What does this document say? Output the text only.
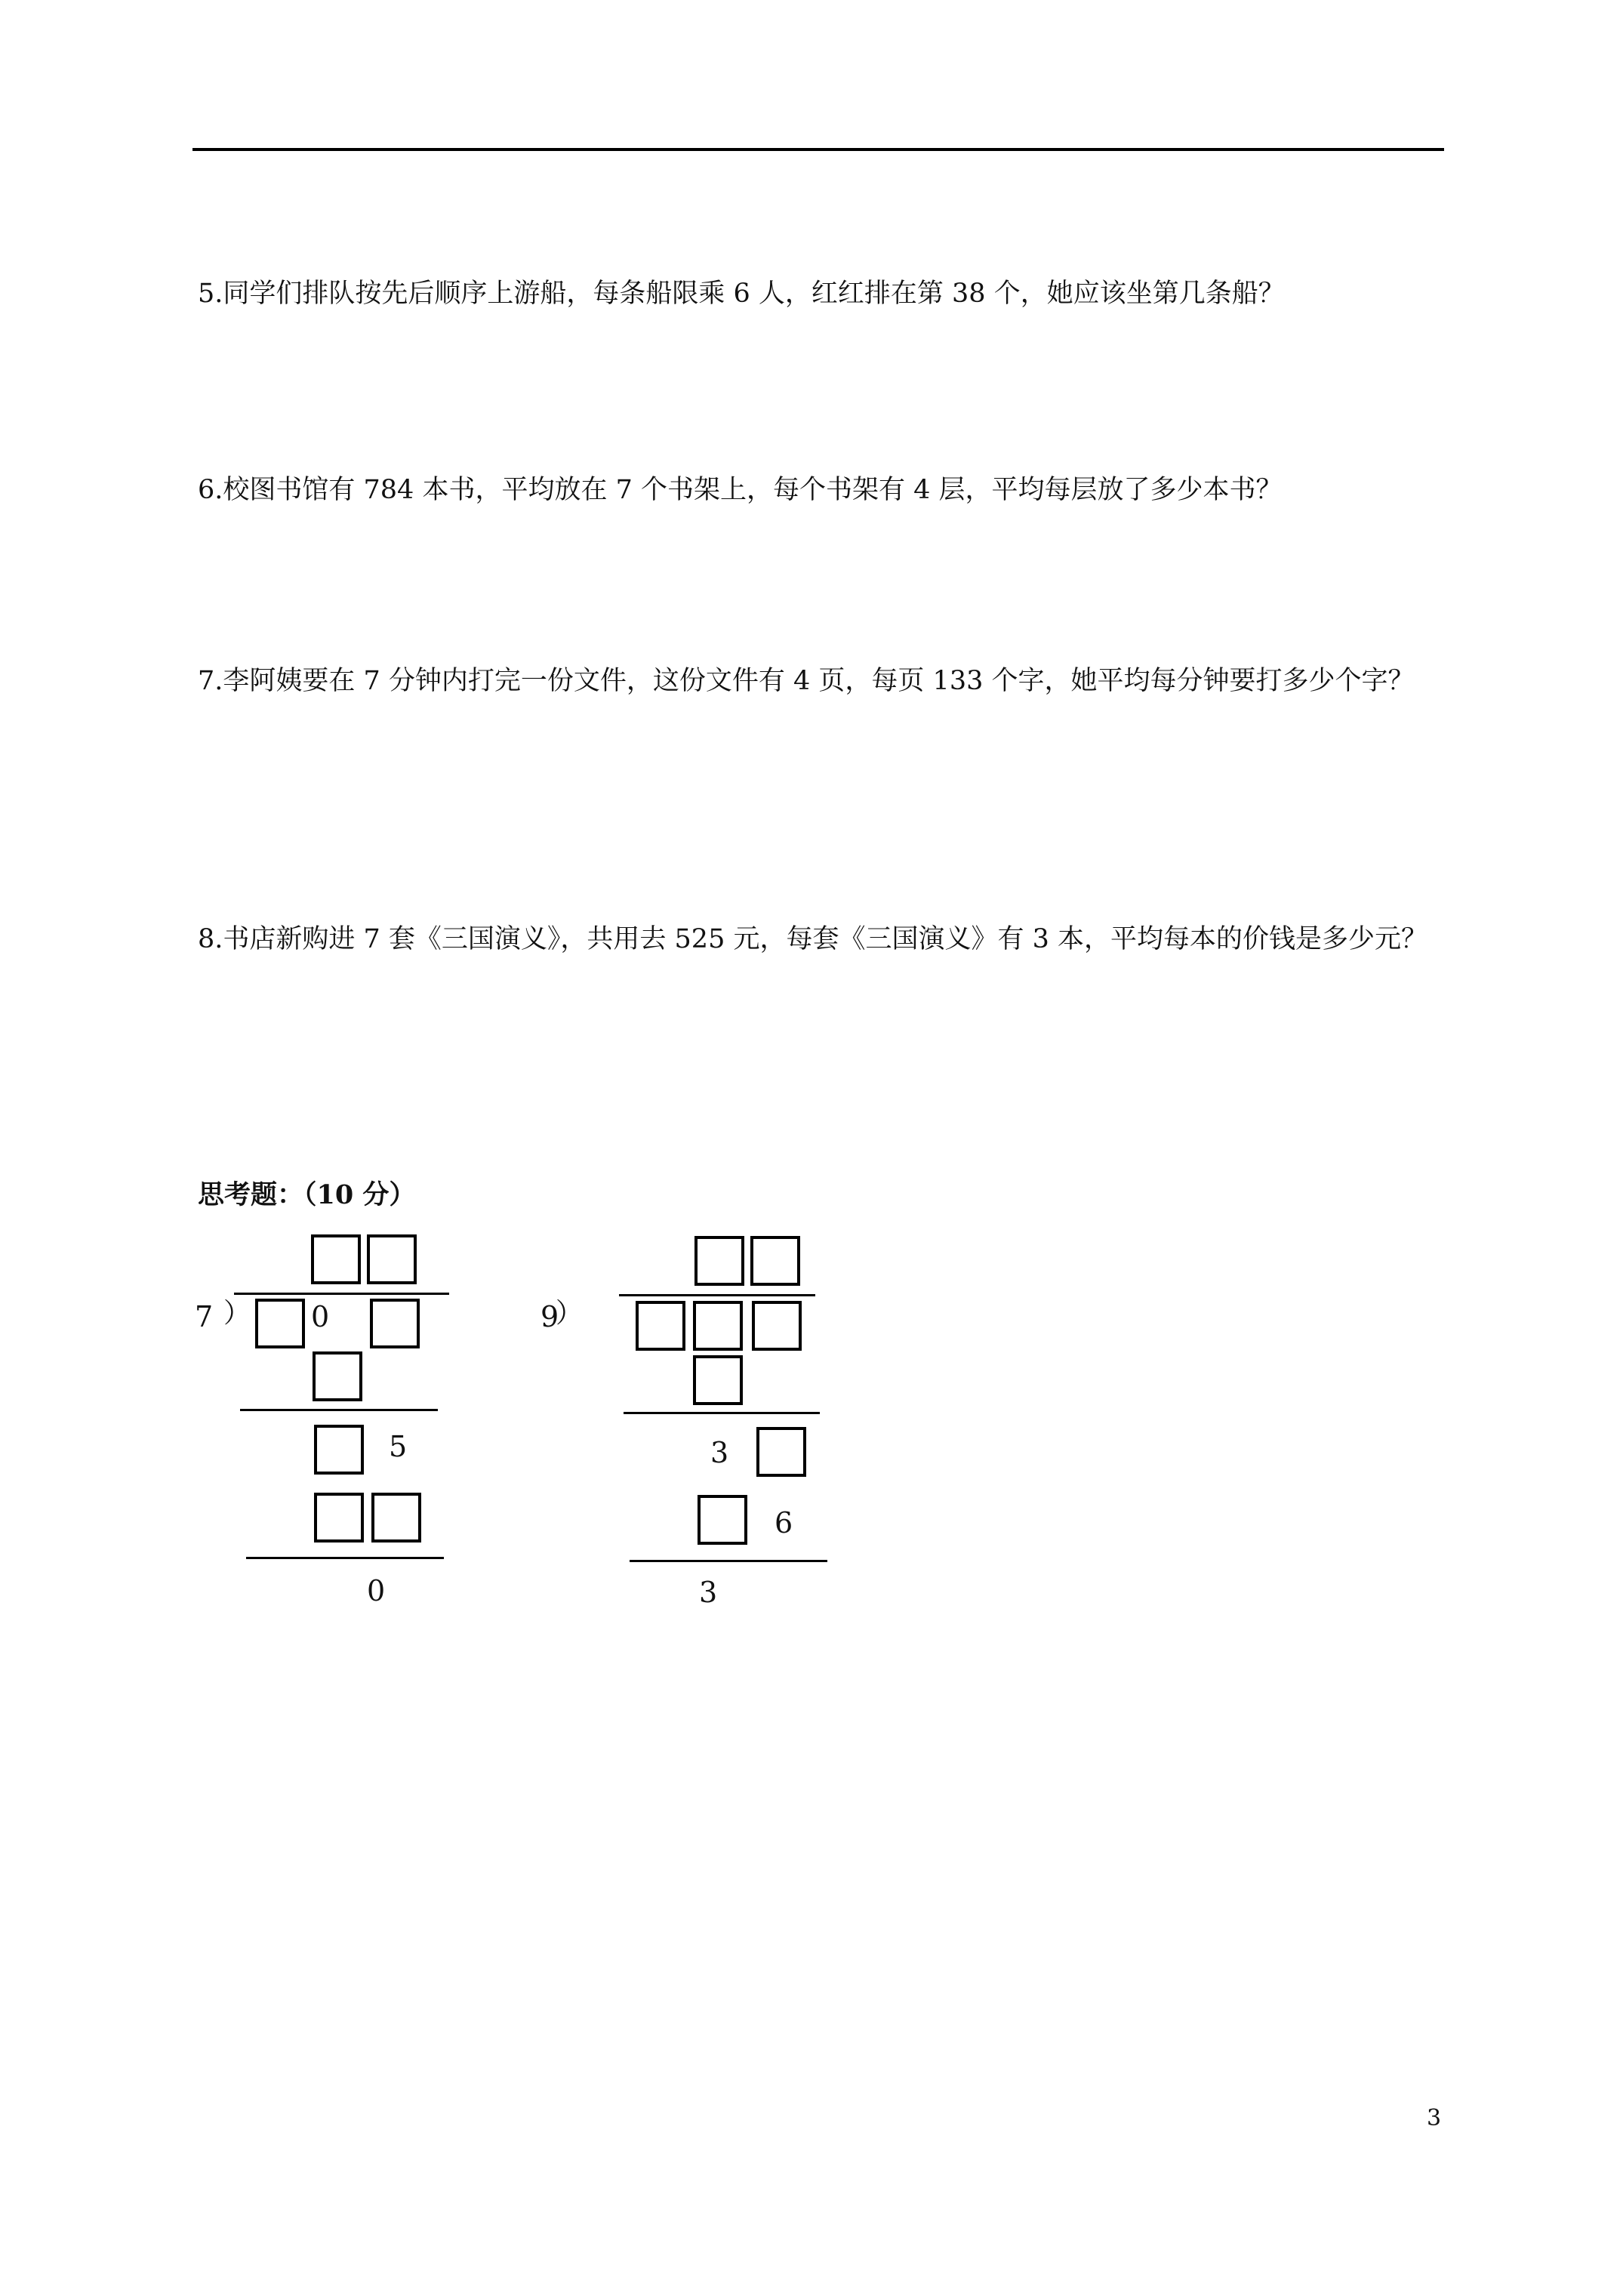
5.同学们排队按先后顺序上游船，每条船限乘 6 人，红红排在第 38 个，她应该坐第几条船？

6.校图书馆有 784 本书，平均放在 7 个书架上，每个书架有 4 层，平均每层放了多少本书？

7.李阿姨要在 7 分钟内打完一份文件，这份文件有 4 页，每页 133 个字，她平均每分钟要打多少个字？

8.书店新购进 7 套《三国演义》，共用去 525 元，每套《三国演义》有 3 本，平均每本的价钱是多少元？

思考题：（10 分）

7 ） 0
5
0
9
）
3
6
3
3
